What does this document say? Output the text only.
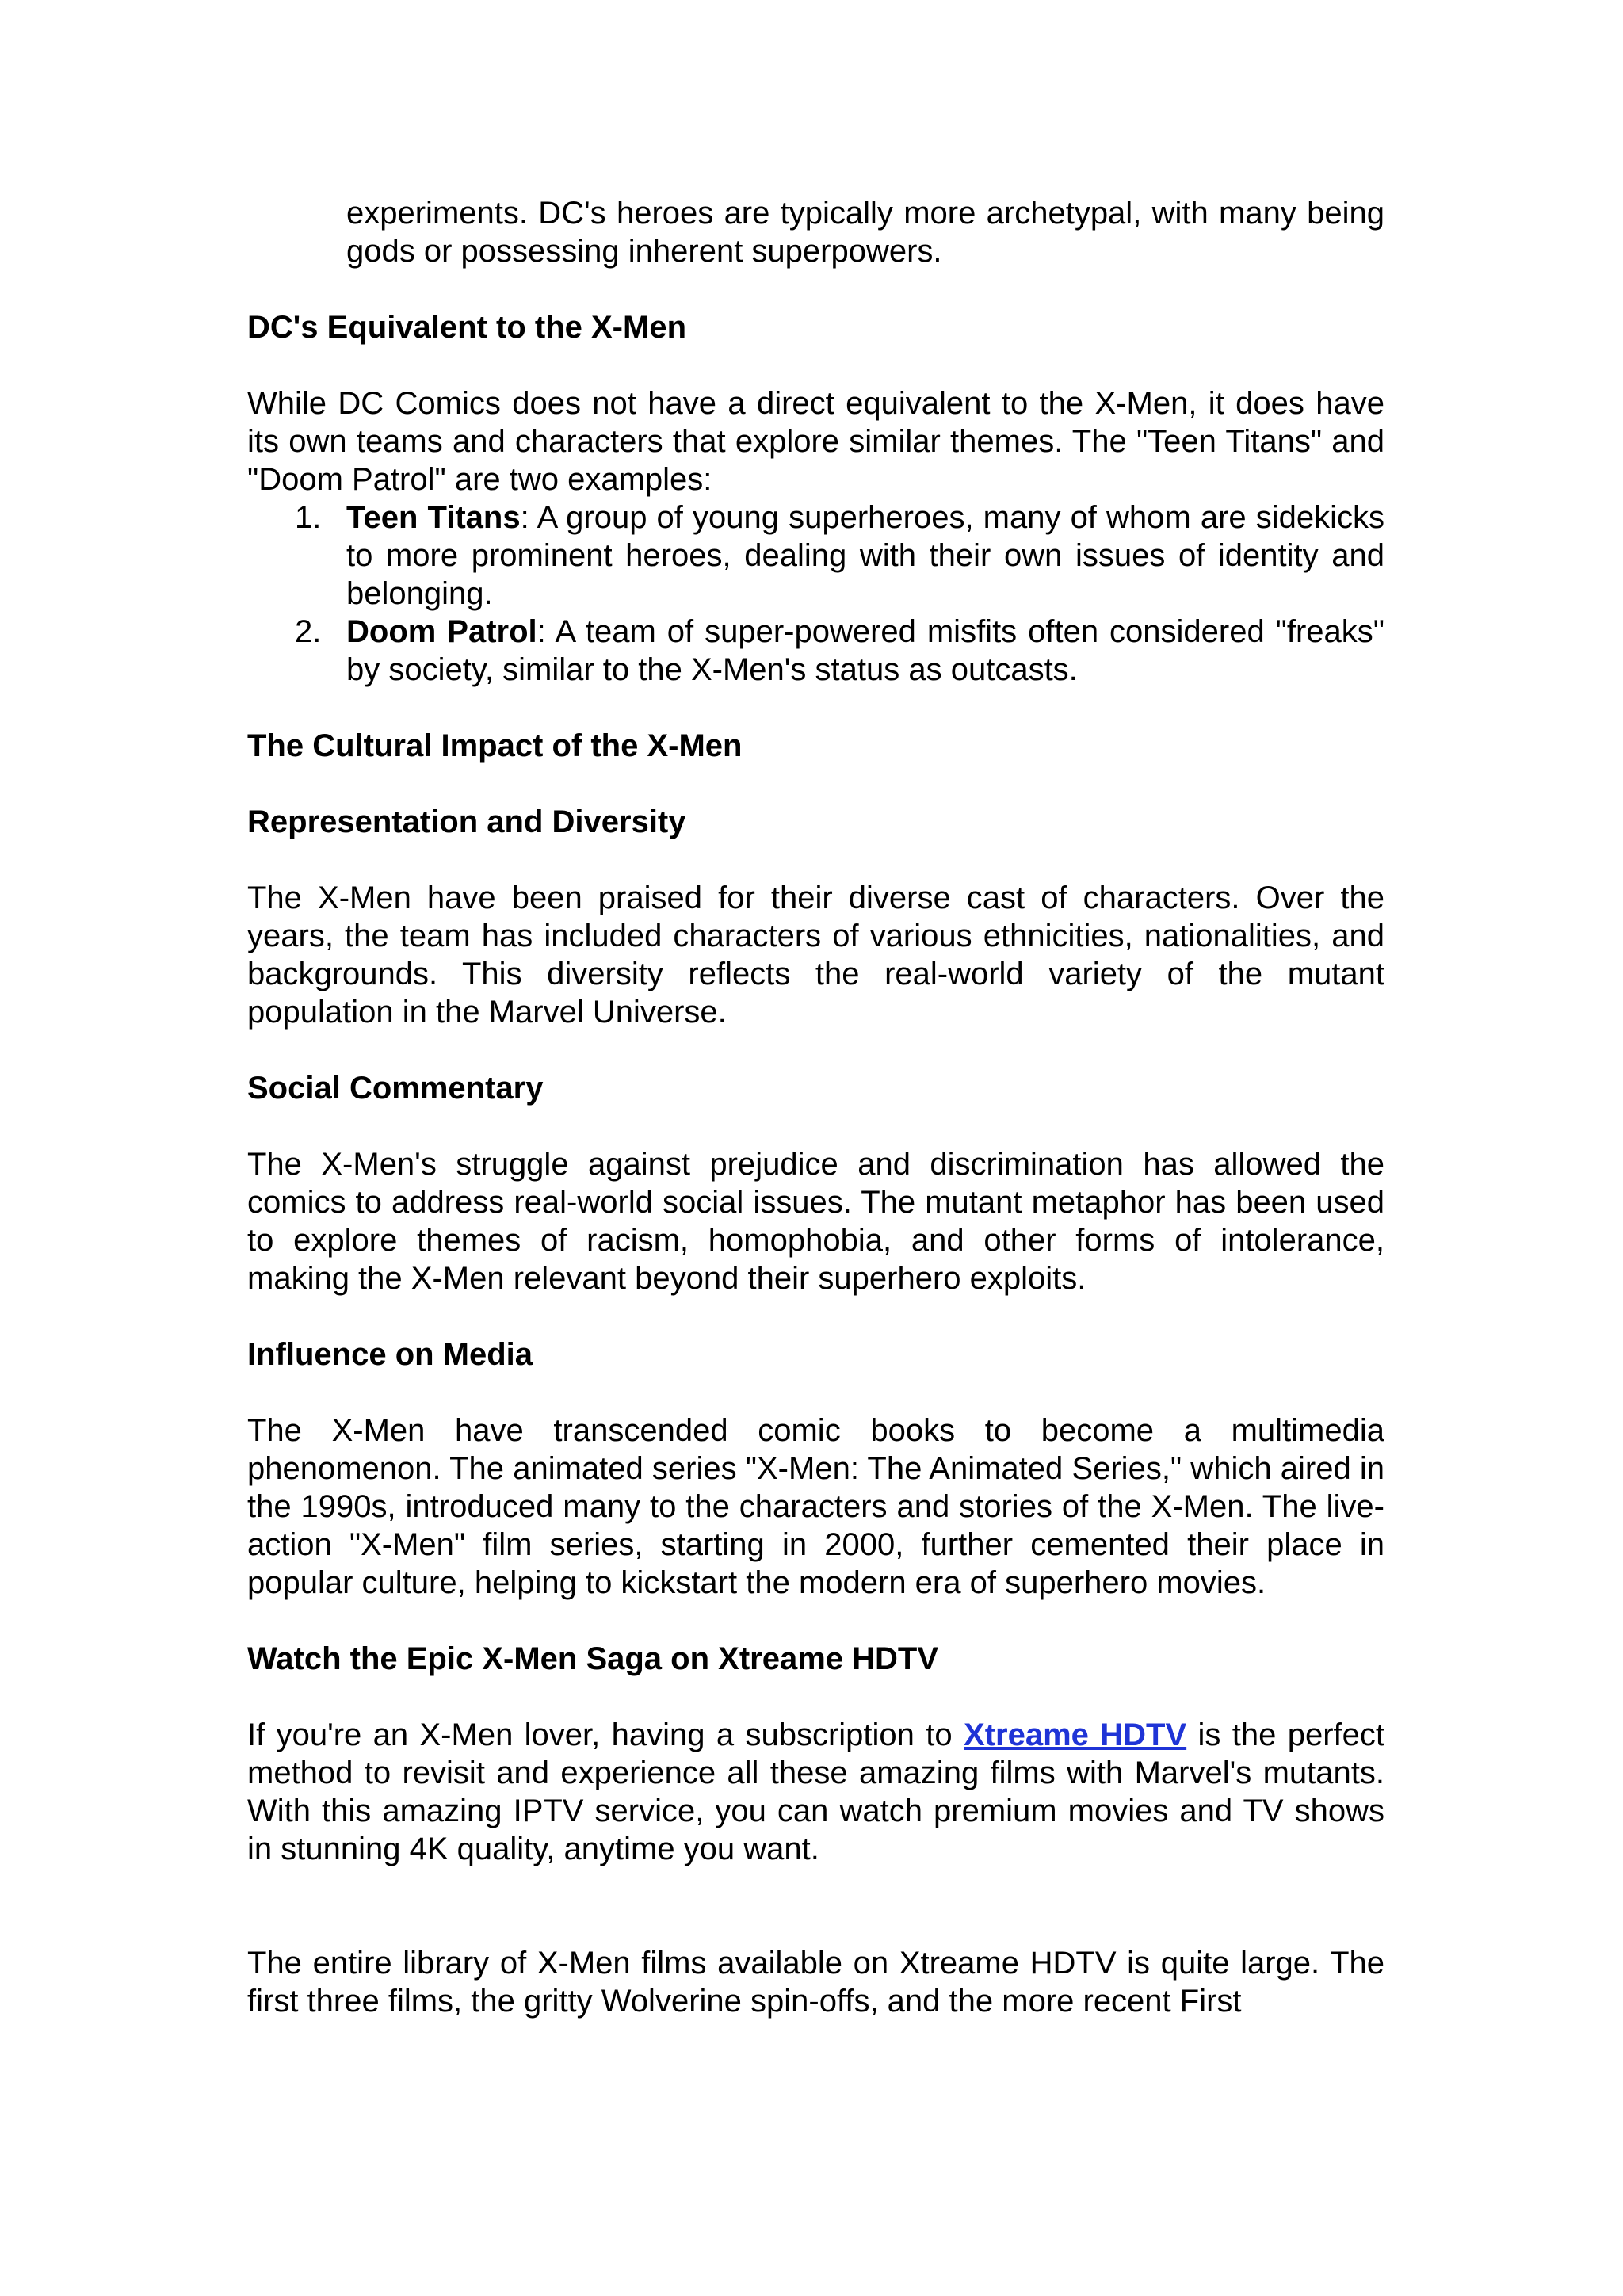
experiments. DC's heroes are typically more archetypal, with many being gods or possessing inherent superpowers.

DC's Equivalent to the X-Men

While DC Comics does not have a direct equivalent to the X-Men, it does have its own teams and characters that explore similar themes. The "Teen Titans" and "Doom Patrol" are two examples:

1. Teen Titans: A group of young superheroes, many of whom are sidekicks to more prominent heroes, dealing with their own issues of identity and belonging.
2. Doom Patrol: A team of super-powered misfits often considered "freaks" by society, similar to the X-Men's status as outcasts.
The Cultural Impact of the X-Men
Representation and Diversity

The X-Men have been praised for their diverse cast of characters. Over the years, the team has included characters of various ethnicities, nationalities, and backgrounds. This diversity reflects the real-world variety of the mutant population in the Marvel Universe.

Social Commentary

The X-Men's struggle against prejudice and discrimination has allowed the comics to address real-world social issues. The mutant metaphor has been used to explore themes of racism, homophobia, and other forms of intolerance, making the X-Men relevant beyond their superhero exploits.

Influence on Media

The X-Men have transcended comic books to become a multimedia phenomenon. The animated series "X-Men: The Animated Series," which aired in the 1990s, introduced many to the characters and stories of the X-Men. The live-action "X-Men" film series, starting in 2000, further cemented their place in popular culture, helping to kickstart the modern era of superhero movies.

Watch the Epic X-Men Saga on Xtreame HDTV

If you're an X-Men lover, having a subscription to Xtreame HDTV is the perfect method to revisit and experience all these amazing films with Marvel's mutants. With this amazing IPTV service, you can watch premium movies and TV shows in stunning 4K quality, anytime you want.

The entire library of X-Men films available on Xtreame HDTV is quite large. The first three films, the gritty Wolverine spin-offs, and the more recent First
